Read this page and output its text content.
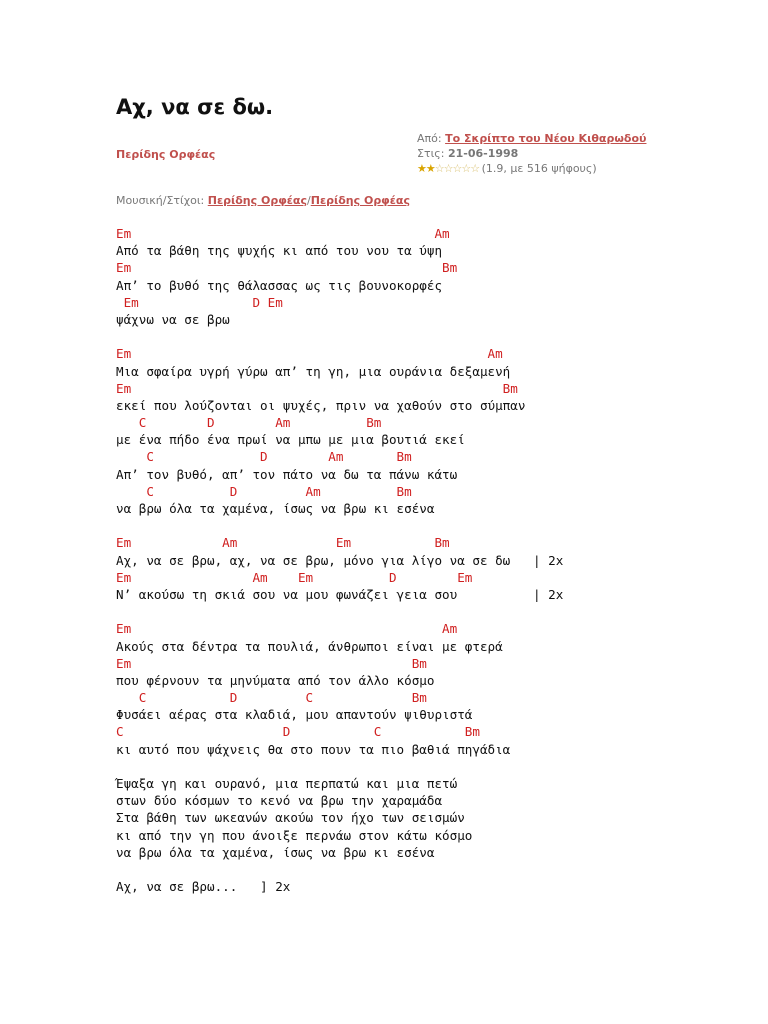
Αχ, να σε δω.
Περίδης Ορφέας
Από: Το Σκρίπτο του Νέου Κιθαρωδού
Στις: 21-06-1998
★★☆☆☆☆☆ (1.9, με 516 ψήφους)
Μουσική/Στίχοι: Περίδης Ορφέας/Περίδης Ορφέας
Em                                        Am
Από τα βάθη της ψυχής κι από του νου τα ύψη
Em                                         Bm
Απ’ το βυθό της θάλασσας ως τις βουνοκορφές
Em               D Em
ψάχνω να σε βρω
Em                                               Am
Μια σφαίρα υγρή γύρω απ’ τη γη, μια ουράνια δεξαμενή
Em                                                 Bm
εκεί που λούζονται οι ψυχές, πριν να χαθούν στο σύμπαν
C        D        Am          Bm
με ένα πήδο ένα πρωί να μπω με μια βουτιά εκεί
C              D        Am       Bm
Απ’ τον βυθό, απ’ τον πάτο να δω τα πάνω κάτω
C          D         Am          Bm
να βρω όλα τα χαμένα, ίσως να βρω κι εσένα
Em            Am             Em           Bm
Αχ, να σε βρω, αχ, να σε βρω, μόνο για λίγο να σε δω   | 2x
Em                Am    Em          D        Em
Ν’ ακούσω τη σκιά σου να μου φωνάζει γεια σου          | 2x
Em                                         Am
Ακούς στα δέντρα τα πουλιά, άνθρωποι είναι με φτερά
Em                                     Bm
που φέρνουν τα μηνύματα από τον άλλο κόσμο
C           D         C             Bm
Φυσάει αέρας στα κλαδιά, μου απαντούν ψιθυριστά
C                     D           C           Bm
κι αυτό που ψάχνεις θα στο πουν τα πιο βαθιά πηγάδια
Έψαξα γη και ουρανό, μια περπατώ και μια πετώ
στων δύο κόσμων το κενό να βρω την χαραμάδα
Στα βάθη των ωκεανών ακούω τον ήχο των σεισμών
κι από την γη που άνοιξε περνάω στον κάτω κόσμο
να βρω όλα τα χαμένα, ίσως να βρω κι εσένα
Αχ, να σε βρω...   ] 2x
